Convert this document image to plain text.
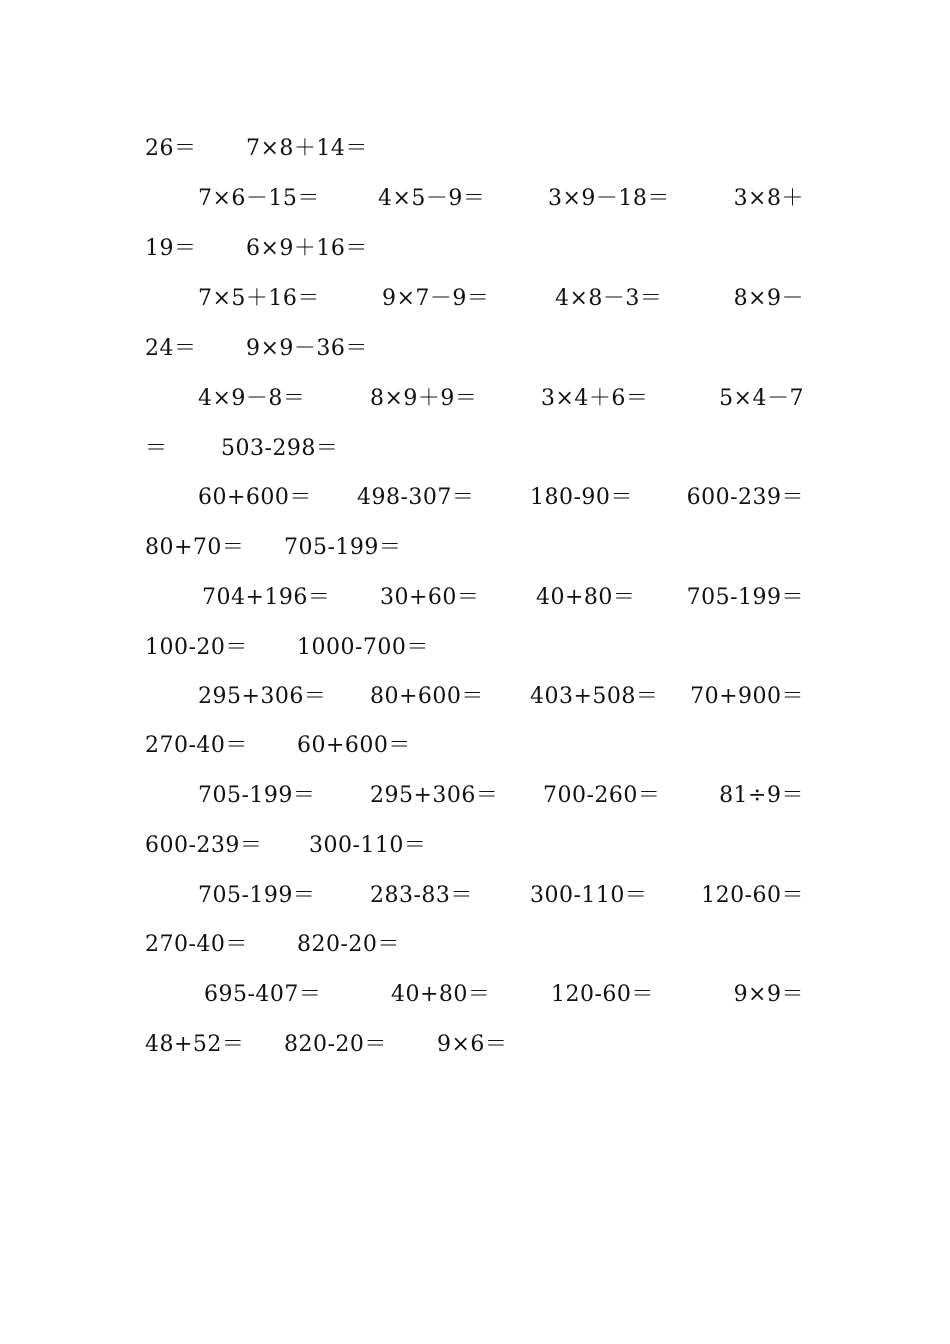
26＝ 7×8＋14＝
7×6－15＝	4×5－9＝	3×9－18＝	3×8＋
19＝ 6×9＋16＝
7×5＋16＝	9×7－9＝	4×8－3＝	8×9－
24＝ 9×9－36＝
4×9－8＝	8×9＋9＝	3×4＋6＝	5×4－7
＝ 503-298＝
60+600＝ 498-307＝	180-90＝ 600-239＝
80+70＝ 705-199＝
704+196＝ 30+60＝	40+80＝ 705-199＝
100-20＝ 1000-700＝
295+306＝ 80+600＝ 403+508＝ 70+900＝
270-40＝ 60+600＝
705-199＝ 295+306＝ 700-260＝	81÷9＝
600-239＝ 300-110＝
705-199＝ 283-83＝	300-110＝ 120-60＝
270-40＝ 820-20＝
695-407＝	40+80＝	120-60＝	9×9＝
48+52＝ 820-20＝ 9×6＝
